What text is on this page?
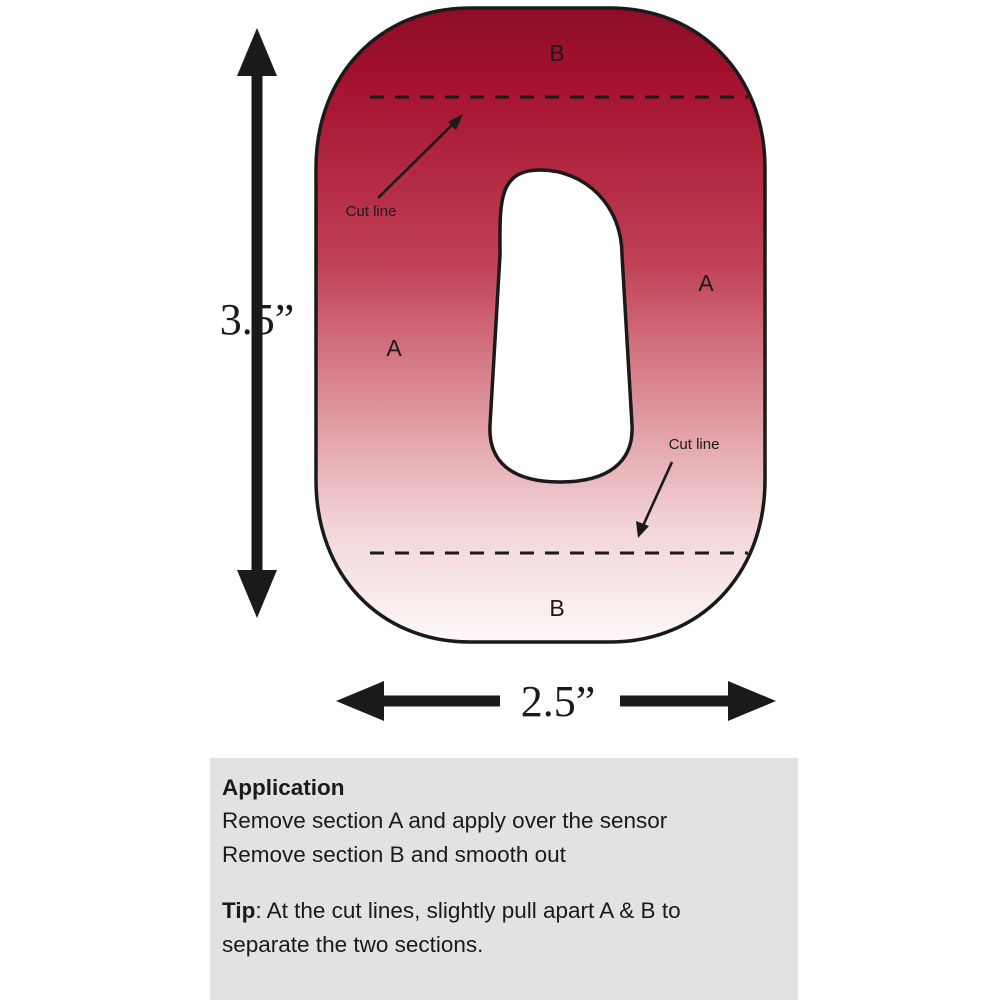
Cut line
Cut line
B
B
A
A
3.5”
2.5”
Application
Remove section A and apply over the sensor
Remove section B and smooth out
Tip: At the cut lines, slightly pull apart A & B to
separate the two sections.
